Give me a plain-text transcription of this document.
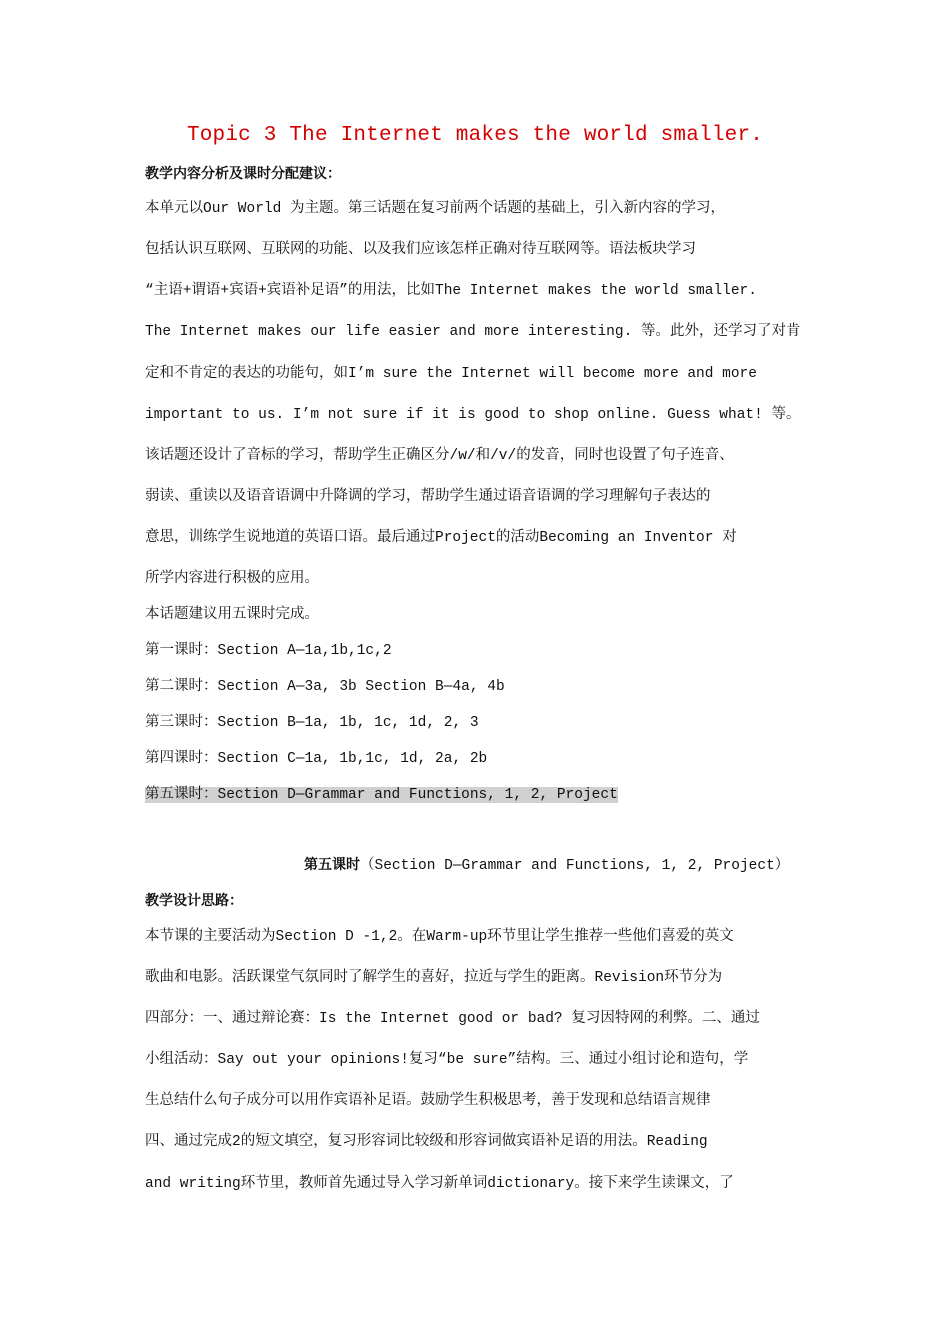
Topic 3 The Internet makes the world smaller.
教学内容分析及课时分配建议：
本单元以Our World 为主题。第三话题在复习前两个话题的基础上，引入新内容的学习，
包括认识互联网、互联网的功能、以及我们应该怎样正确对待互联网等。语法板块学习
“主语+谓语+宾语+宾语补足语”的用法，比如The Internet makes the world smaller.
The Internet makes our life easier and more interesting. 等。此外，还学习了对肯
定和不肯定的表达的功能句，如I’m sure the Internet will become more and more
important to us. I’m not sure if it is good to shop online. Guess what! 等。
该话题还设计了音标的学习，帮助学生正确区分/w/和/v/的发音，同时也设置了句子连音、
弱读、重读以及语音语调中升降调的学习，帮助学生通过语音语调的学习理解句子表达的
意思，训练学生说地道的英语口语。最后通过Project的活动Becoming an Inventor 对
所学内容进行积极的应用。
本话题建议用五课时完成。
第一课时：Section A—1a,1b,1c,2
第二课时：Section A—3a, 3b Section B—4a, 4b
第三课时：Section B—1a, 1b, 1c, 1d, 2, 3
第四课时：Section C—1a, 1b,1c, 1d, 2a, 2b
第五课时：Section D—Grammar and Functions, 1, 2, Project
第五课时（Section D—Grammar and Functions, 1, 2, Project）
教学设计思路：
本节课的主要活动为Section D -1,2。在Warm-up环节里让学生推荐一些他们喜爱的英文
歌曲和电影。活跃课堂气氛同时了解学生的喜好，拉近与学生的距离。Revision环节分为
四部分：一、通过辩论赛：Is the Internet good or bad? 复习因特网的利弊。二、通过
小组活动：Say out your opinions!复习“be sure”结构。三、通过小组讨论和造句，学
生总结什么句子成分可以用作宾语补足语。鼓励学生积极思考，善于发现和总结语言规律
四、通过完成2的短文填空，复习形容词比较级和形容词做宾语补足语的用法。Reading
and writing环节里，教师首先通过导入学习新单词dictionary。接下来学生读课文，了
